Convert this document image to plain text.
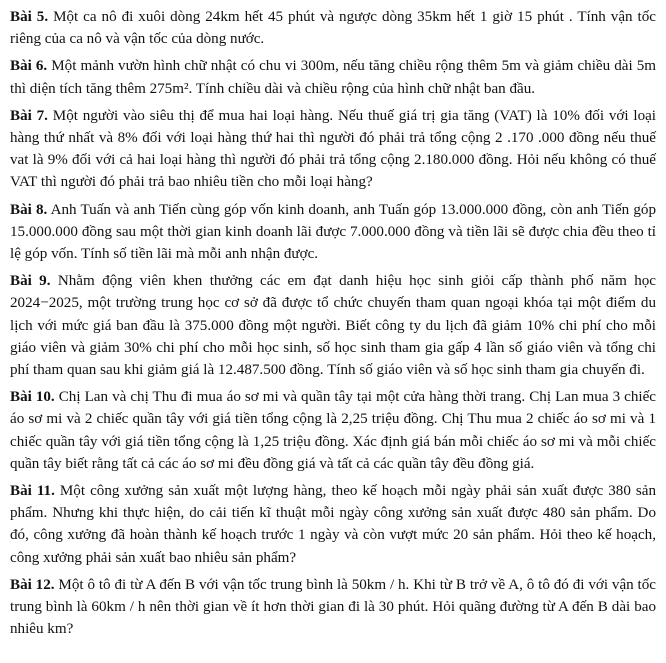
Bài 5. Một ca nô đi xuôi dòng 24km hết 45 phút và ngược dòng 35km hết 1 giờ 15 phút . Tính vận tốc riêng của ca nô và vận tốc của dòng nước.

Bài 6. Một mảnh vườn hình chữ nhật có chu vi 300m, nếu tăng chiều rộng thêm 5m và giảm chiều dài 5m thì diện tích tăng thêm 275m². Tính chiều dài và chiều rộng của hình chữ nhật ban đầu.

Bài 7. Một người vào siêu thị để mua hai loại hàng. Nếu thuế giá trị gia tăng (VAT) là 10% đối với loại hàng thứ nhất và 8% đối với loại hàng thứ hai thì người đó phải trả tổng cộng 2 .170 .000 đồng nếu thuế vat là 9% đối với cả hai loại hàng thì người đó phải trả tổng cộng 2.180.000 đồng. Hỏi nếu không có thuế VAT thì người đó phải trả bao nhiêu tiền cho mỗi loại hàng?

Bài 8. Anh Tuấn và anh Tiến cùng góp vốn kinh doanh, anh Tuấn góp 13.000.000 đồng, còn anh Tiến góp 15.000.000 đồng sau một thời gian kinh doanh lãi được 7.000.000 đồng và tiền lãi sẽ được chia đều theo tỉ lệ góp vốn. Tính số tiền lãi mà mỗi anh nhận được.

Bài 9. Nhằm động viên khen thưởng các em đạt danh hiệu học sinh giỏi cấp thành phố năm học 2024−2025, một trường trung học cơ sở đã được tổ chức chuyến tham quan ngoại khóa tại một điểm du lịch với mức giá ban đầu là 375.000 đồng một người. Biết công ty du lịch đã giảm 10% chi phí cho mỗi giáo viên và giảm 30% chi phí cho mỗi học sinh, số học sinh tham gia gấp 4 lần số giáo viên và tổng chi phí tham quan sau khi giảm giá là 12.487.500 đồng. Tính số giáo viên và số học sinh tham gia chuyến đi.

Bài 10. Chị Lan và chị Thu đi mua áo sơ mi và quần tây tại một cửa hàng thời trang. Chị Lan mua 3 chiếc áo sơ mi và 2 chiếc quần tây với giá tiền tổng cộng là 2,25 triệu đồng. Chị Thu mua 2 chiếc áo sơ mi và 1 chiếc quần tây với giá tiền tổng cộng là 1,25 triệu đồng. Xác định giá bán mỗi chiếc áo sơ mi và mỗi chiếc quần tây biết rằng tất cả các áo sơ mi đều đồng giá và tất cả các quần tây đều đồng giá.

Bài 11. Một công xưởng sản xuất một lượng hàng, theo kế hoạch mỗi ngày phải sản xuất được 380 sản phẩm. Nhưng khi thực hiện, do cải tiến kĩ thuật mỗi ngày công xưởng sản xuất được 480 sản phẩm. Do đó, công xưởng đã hoàn thành kế hoạch trước 1 ngày và còn vượt mức 20 sản phẩm. Hỏi theo kế hoạch, công xưởng phải sản xuất bao nhiêu sản phẩm?

Bài 12. Một ô tô đi từ A đến B với vận tốc trung bình là 50km / h. Khi từ B trở về A, ô tô đó đi với vận tốc trung bình là 60km / h nên thời gian về ít hơn thời gian đi là 30 phút. Hỏi quãng đường từ A đến B dài bao nhiêu km?
